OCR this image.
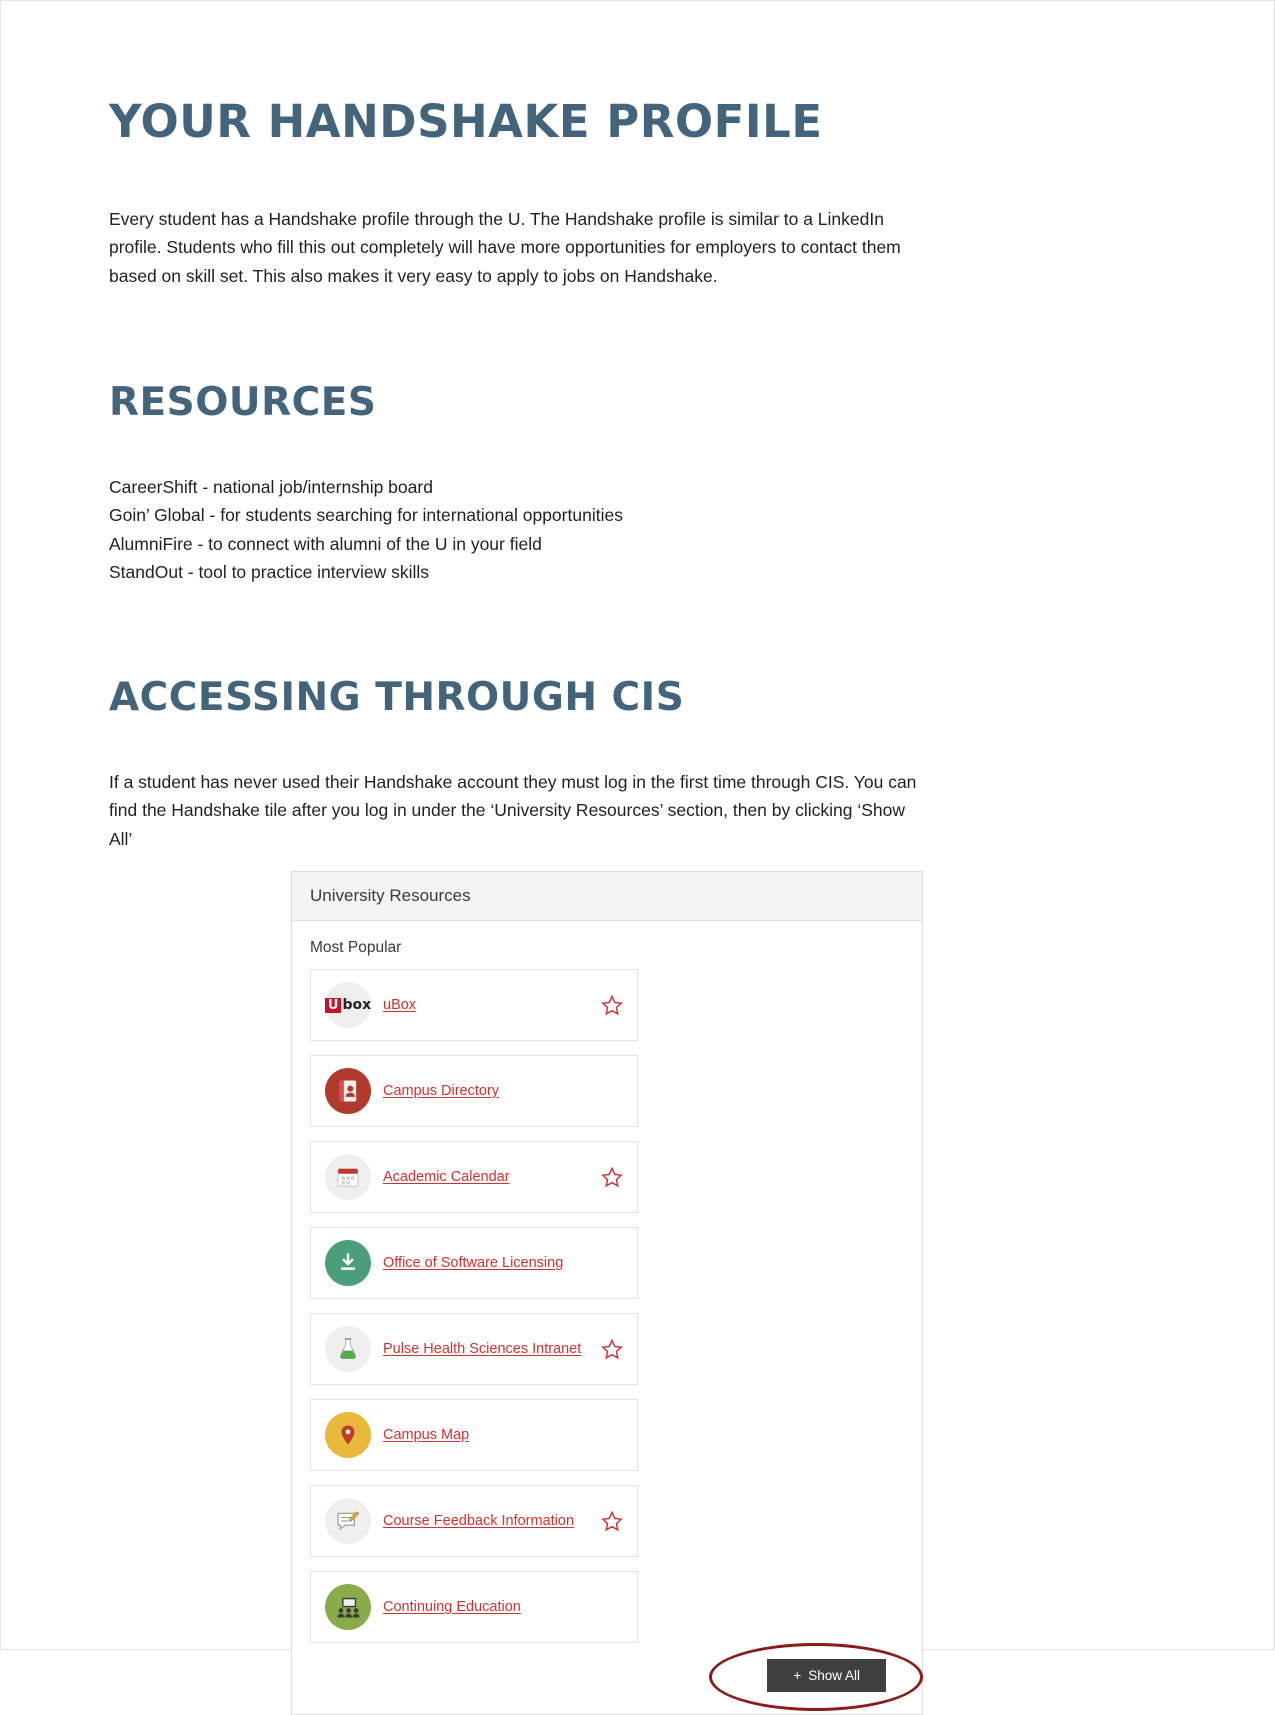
YOUR HANDSHAKE PROFILE

Every student has a Handshake profile through the U. The Handshake profile is similar to a LinkedIn profile. Students who fill this out completely will have more opportunities for employers to contact them based on skill set. This also makes it very easy to apply to jobs on Handshake.

RESOURCES
CareerShift - national job/internship board
Goin’ Global - for students searching for international opportunities
AlumniFire - to connect with alumni of the U in your field
StandOut - tool to practice interview skills
ACCESSING THROUGH CIS

If a student has never used their Handshake account they must log in the first time through CIS. You can find the Handshake tile after you log in under the ‘University Resources’ section, then by clicking ‘Show All’

University Resources
Most Popular
U box uBox
Campus Directory
Academic Calendar
Office of Software Licensing
Pulse Health Sciences Intranet
Campus Map
Course Feedback Information
Continuing Education
+ Show All
